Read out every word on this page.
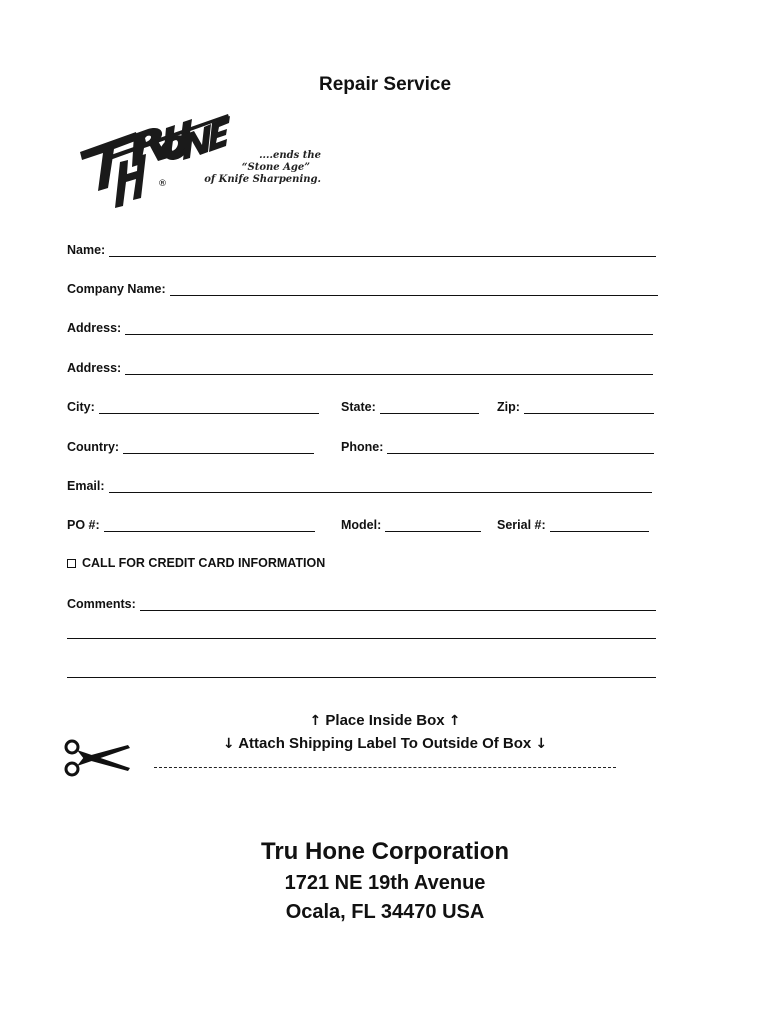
Repair Service
®
....ends the
“Stone Age”
of Knife Sharpening.
Name:
Company Name:
Address:
Address:
City:	State:	Zip:
Country:	Phone:
Email:
PO #:	Model:	Serial #:
CALL FOR CREDIT CARD INFORMATION
Comments:
↑ Place Inside Box ↑
↓ Attach Shipping Label To Outside Of Box ↓
Tru Hone Corporation
1721 NE 19th Avenue
Ocala, FL 34470 USA
